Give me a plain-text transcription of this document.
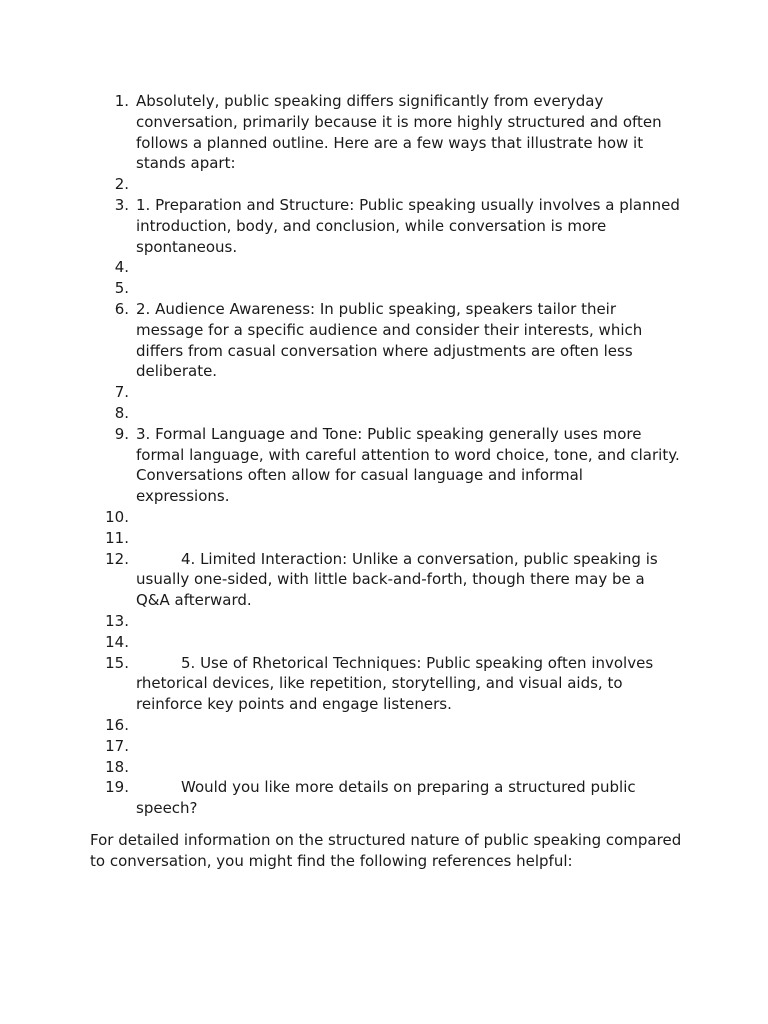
1. Absolutely, public speaking differs significantly from everyday conversation, primarily because it is more highly structured and often follows a planned outline. Here are a few ways that illustrate how it stands apart:
2.
3. 1. Preparation and Structure: Public speaking usually involves a planned introduction, body, and conclusion, while conversation is more spontaneous.
4.
5.
6. 2. Audience Awareness: In public speaking, speakers tailor their message for a specific audience and consider their interests, which differs from casual conversation where adjustments are often less deliberate.
7.
8.
9. 3. Formal Language and Tone: Public speaking generally uses more formal language, with careful attention to word choice, tone, and clarity. Conversations often allow for casual language and informal expressions.
10.
11.
12.	4. Limited Interaction: Unlike a conversation, public speaking is usually one-sided, with little back-and-forth, though there may be a Q&A afterward.
13.
14.
15.	5. Use of Rhetorical Techniques: Public speaking often involves rhetorical devices, like repetition, storytelling, and visual aids, to reinforce key points and engage listeners.
16.
17.
18.
19.	Would you like more details on preparing a structured public speech?

For detailed information on the structured nature of public speaking compared to conversation, you might find the following references helpful:
